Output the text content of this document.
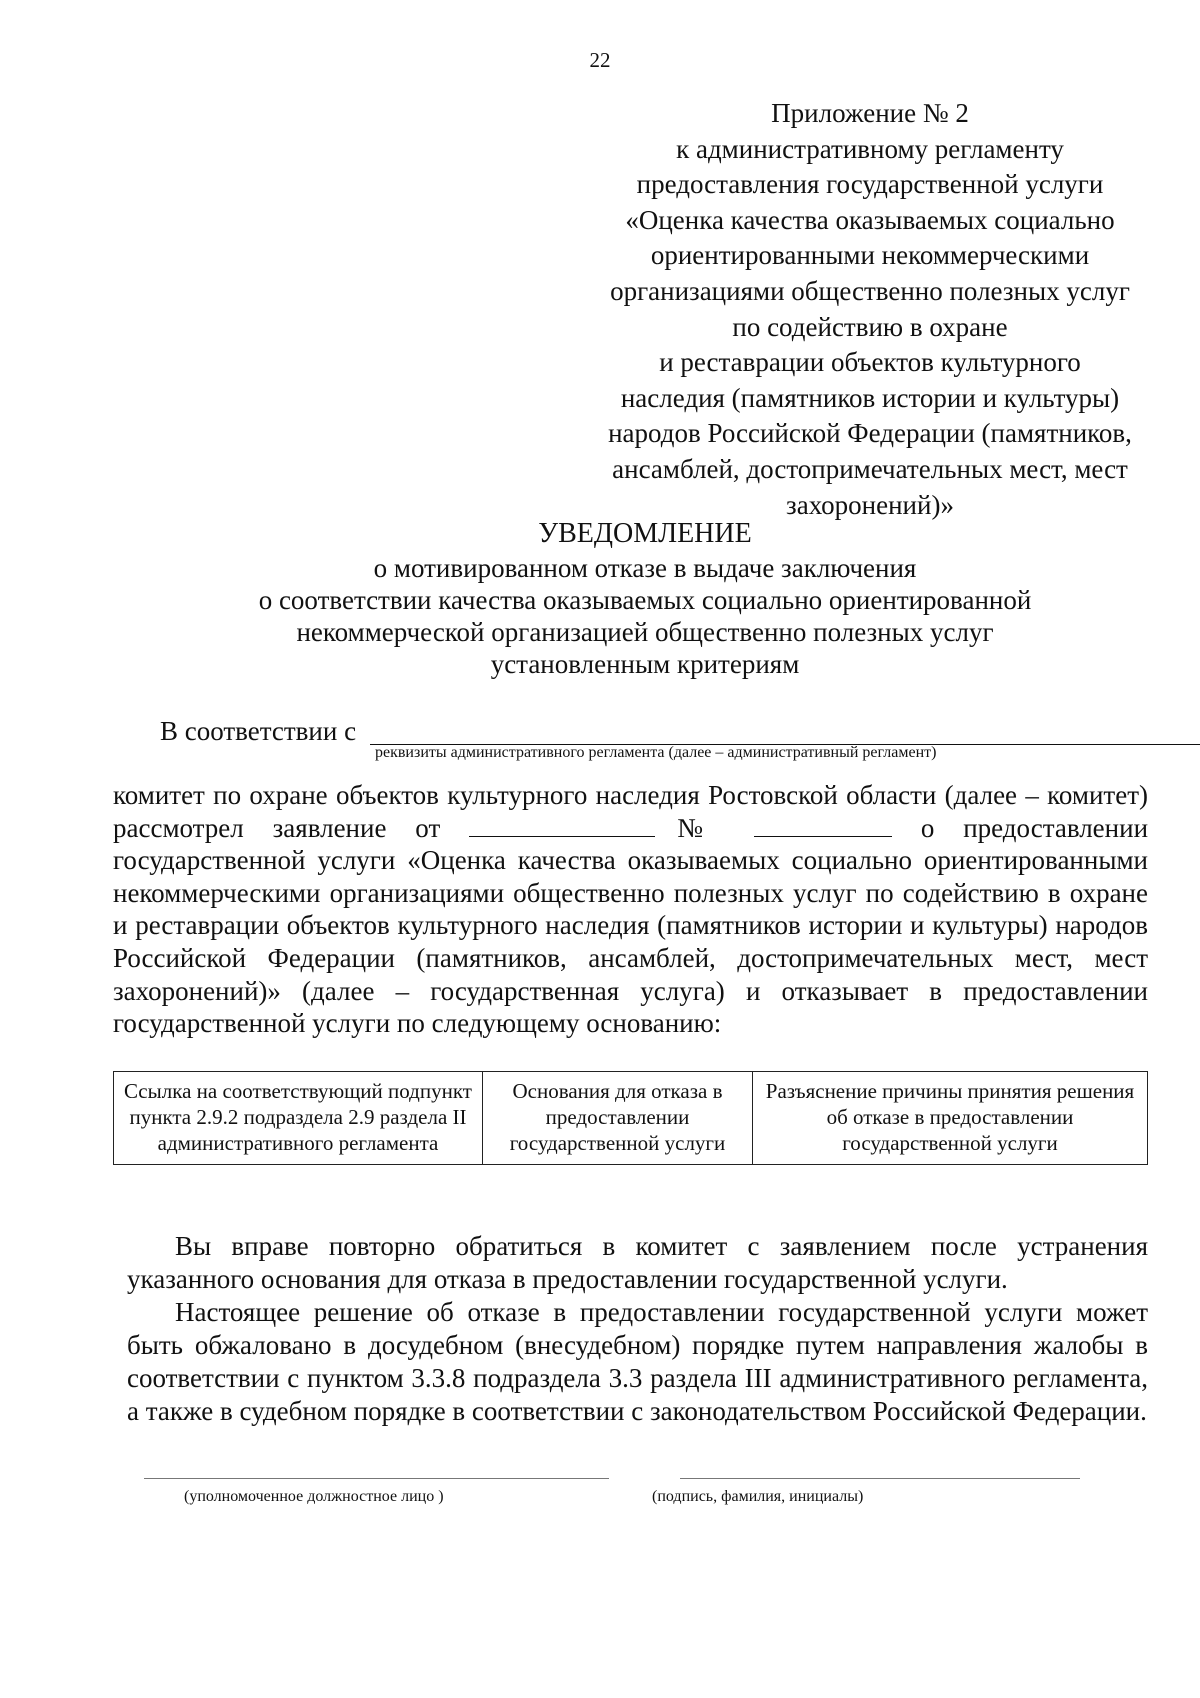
22
Приложение № 2
к административному регламенту
предоставления государственной услуги
«Оценка качества оказываемых социально
ориентированными некоммерческими
организациями общественно полезных услуг
по содействию в охране
и реставрации объектов культурного
наследия (памятников истории и культуры)
народов Российской Федерации (памятников,
ансамблей, достопримечательных мест, мест
захоронений)»
УВЕДОМЛЕНИЕ
о мотивированном отказе в выдаче заключения
о соответствии качества оказываемых социально ориентированной
некоммерческой организацией общественно полезных услуг
установленным критериям
В соответствии с
реквизиты административного регламента (далее – административный регламент)
комитет по охране объектов культурного наследия Ростовской области (далее – комитет) рассмотрел заявление от	№	о предоставлении государственной услуги «Оценка качества оказываемых социально ориентированными некоммерческими организациями общественно полезных услуг по содействию в охране и реставрации объектов культурного наследия (памятников истории и культуры) народов Российской Федерации (памятников, ансамблей, достопримечательных мест, мест захоронений)» (далее – государственная услуга) и отказывает в предоставлении государственной услуги по следующему основанию:
Ссылка на соответствующий подпункт пункта 2.9.2 подраздела 2.9 раздела II административного регламента	Основания для отказа в предоставлении государственной услуги	Разъяснение причины принятия решения об отказе в предоставлении государственной услуги

Вы вправе повторно обратиться в комитет с заявлением после устранения указанного основания для отказа в предоставлении государственной услуги.

Настоящее решение об отказе в предоставлении государственной услуги может быть обжаловано в досудебном (внесудебном) порядке путем направления жалобы в соответствии с пунктом 3.3.8 подраздела 3.3 раздела III административного регламента, а также в судебном порядке в соответствии с законодательством Российской Федерации.

(уполномоченное должностное лицо )	(подпись, фамилия, инициалы)
